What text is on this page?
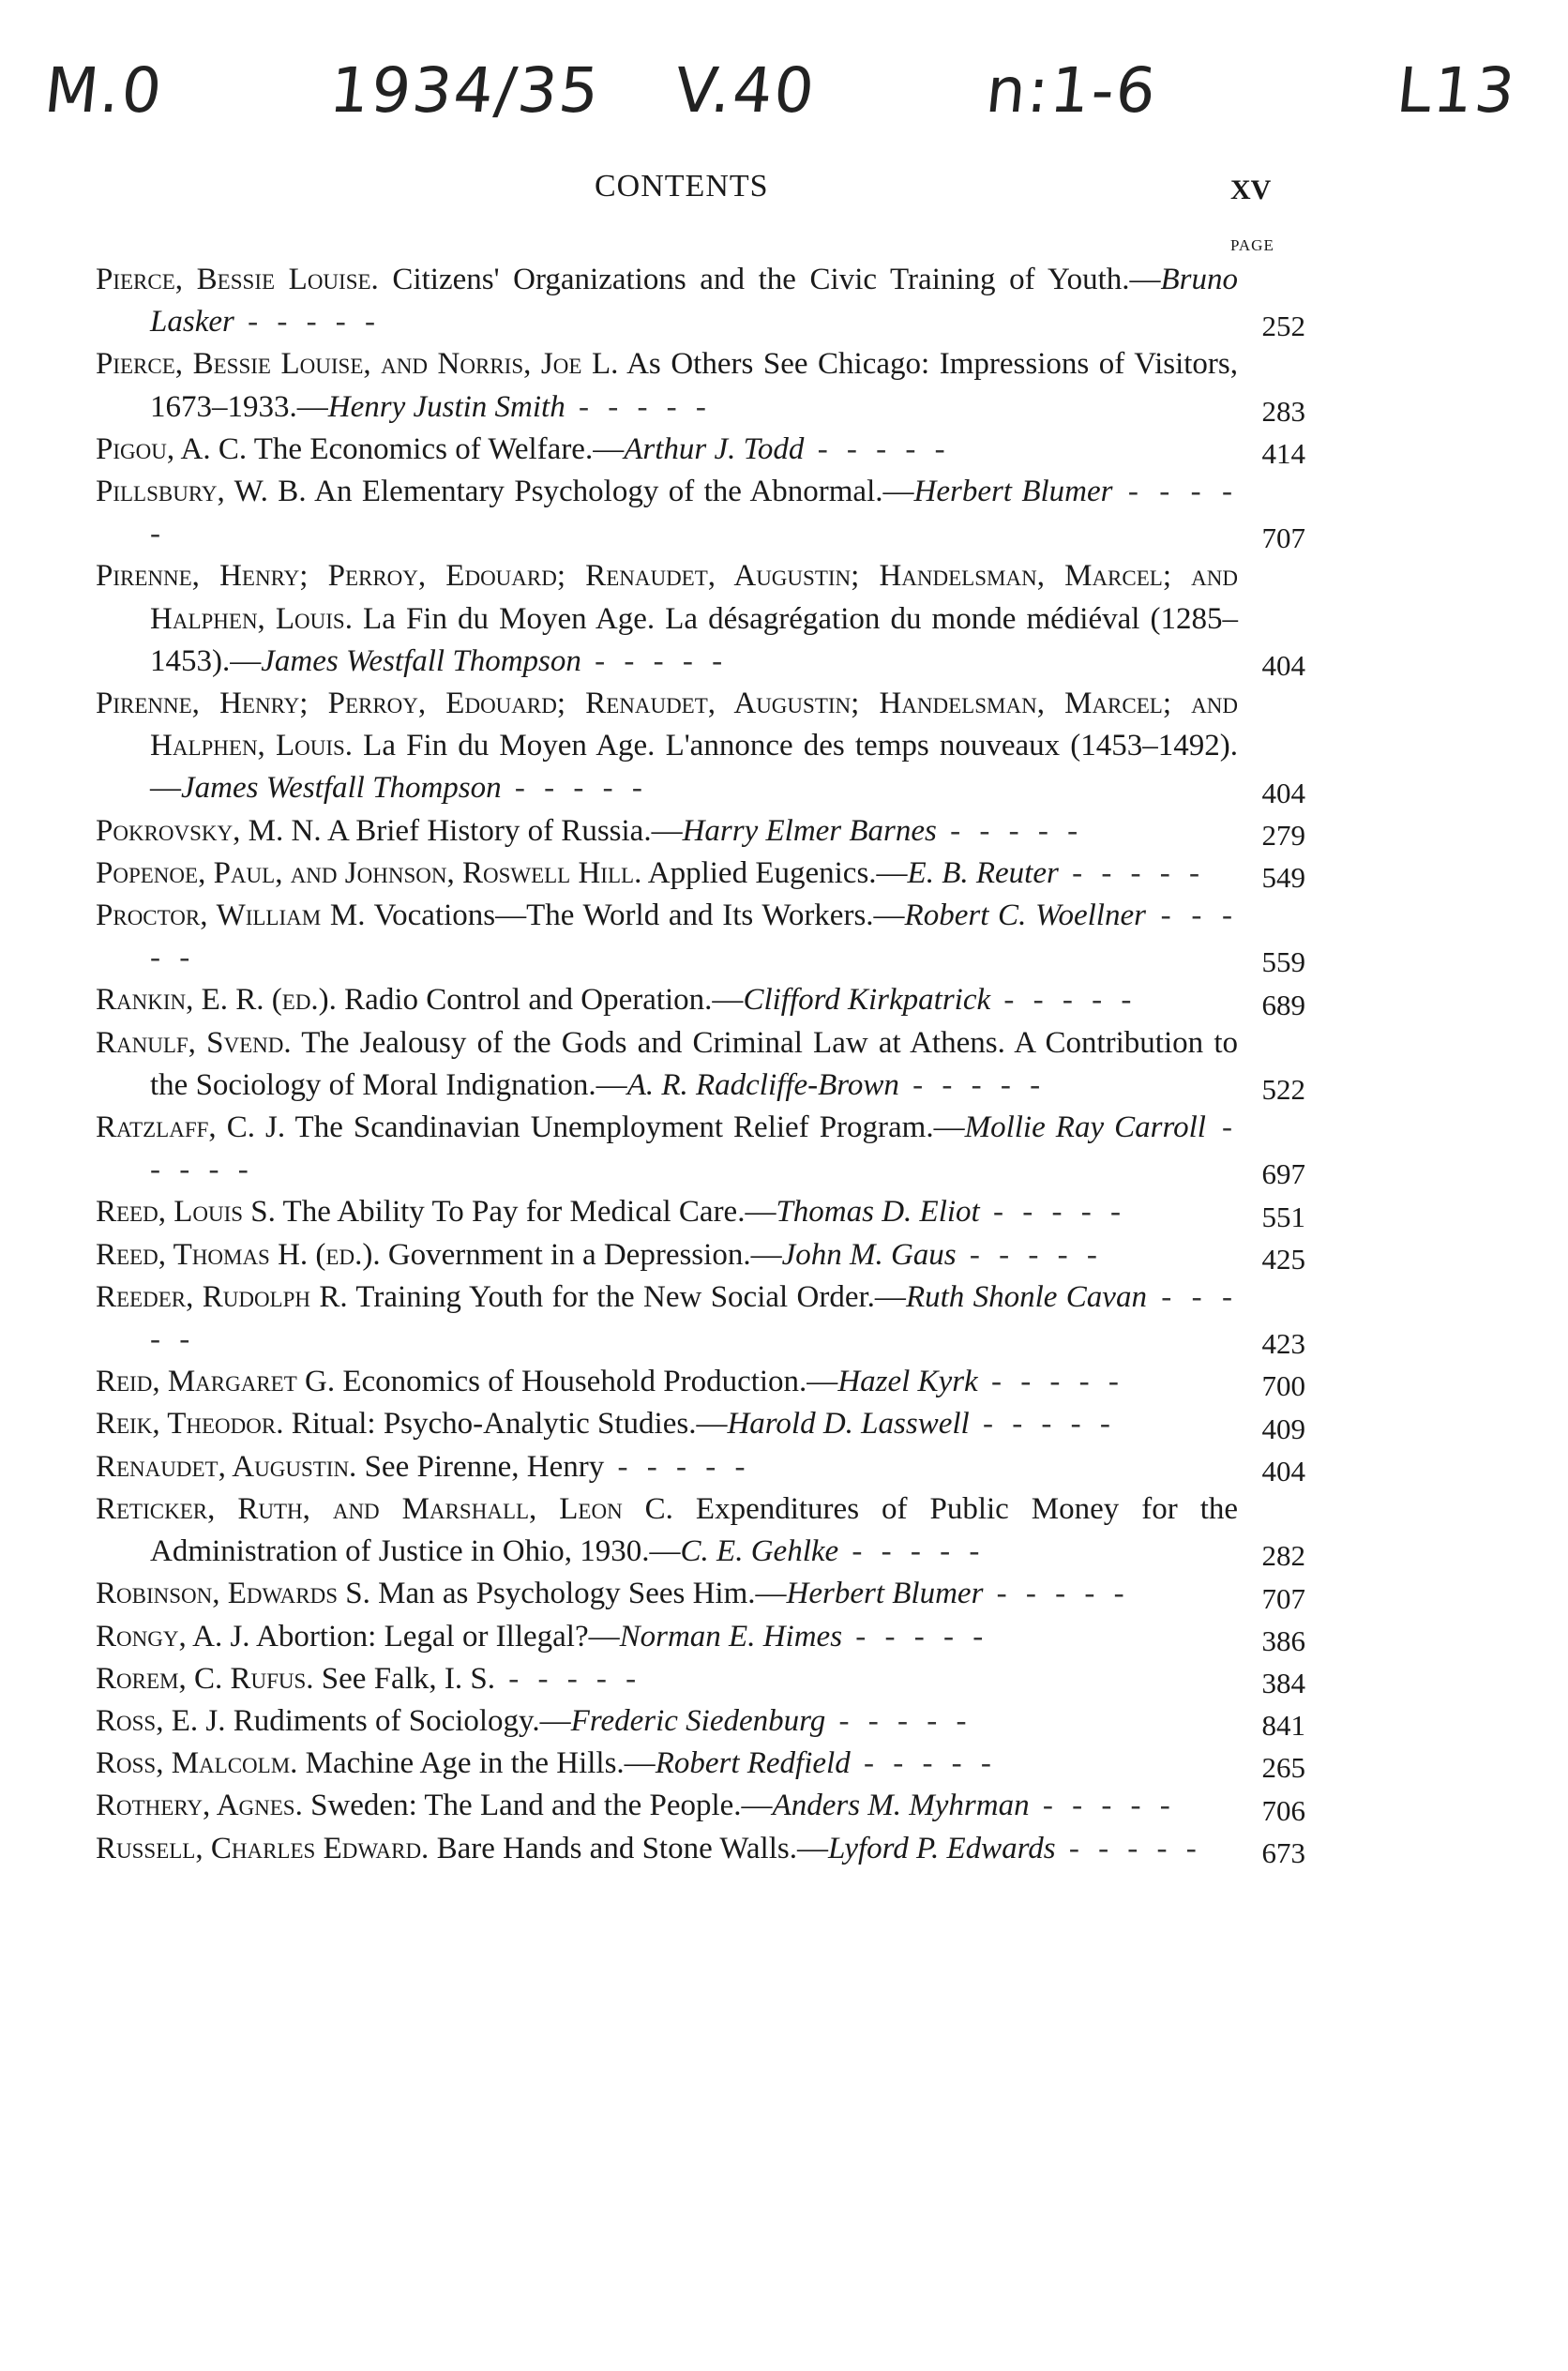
M.0	1934/35 V.40	n:1-6	L13
CONTENTS	XV
PAGE
Pierce, Bessie Louise. Citizens' Organizations and the Civic Training of Youth.—Bruno Lasker - - - - -	252
Pierce, Bessie Louise, and Norris, Joe L. As Others See Chicago: Impressions of Visitors, 1673–1933.—Henry Justin Smith - - - - -	283
Pigou, A. C. The Economics of Welfare.—Arthur J. Todd - - - - -	414
Pillsbury, W. B. An Elementary Psychology of the Abnormal.—Herbert Blumer - - - - -	707
Pirenne, Henry; Perroy, Edouard; Renaudet, Augustin; Handelsman, Marcel; and Halphen, Louis. La Fin du Moyen Age. La désagrégation du monde médiéval (1285–1453).—James Westfall Thompson - - - - -	404
Pirenne, Henry; Perroy, Edouard; Renaudet, Augustin; Handelsman, Marcel; and Halphen, Louis. La Fin du Moyen Age. L'annonce des temps nouveaux (1453–1492).—James Westfall Thompson - - - - -	404
Pokrovsky, M. N. A Brief History of Russia.—Harry Elmer Barnes - - - - -	279
Popenoe, Paul, and Johnson, Roswell Hill. Applied Eugenics.—E. B. Reuter - - - - -	549
Proctor, William M. Vocations—The World and Its Workers.—Robert C. Woellner - - - - -	559
Rankin, E. R. (ed.). Radio Control and Operation.—Clifford Kirkpatrick - - - - -	689
Ranulf, Svend. The Jealousy of the Gods and Criminal Law at Athens. A Contribution to the Sociology of Moral Indignation.—A. R. Radcliffe-Brown - - - - -	522
Ratzlaff, C. J. The Scandinavian Unemployment Relief Program.—Mollie Ray Carroll - - - - -	697
Reed, Louis S. The Ability To Pay for Medical Care.—Thomas D. Eliot - - - - -	551
Reed, Thomas H. (ed.). Government in a Depression.—John M. Gaus - - - - -	425
Reeder, Rudolph R. Training Youth for the New Social Order.—Ruth Shonle Cavan - - - - -	423
Reid, Margaret G. Economics of Household Production.—Hazel Kyrk - - - - -	700
Reik, Theodor. Ritual: Psycho-Analytic Studies.—Harold D. Lasswell - - - - -	409
Renaudet, Augustin. See Pirenne, Henry - - - - -	404
Reticker, Ruth, and Marshall, Leon C. Expenditures of Public Money for the Administration of Justice in Ohio, 1930.—C. E. Gehlke - - - - -	282
Robinson, Edwards S. Man as Psychology Sees Him.—Herbert Blumer - - - - -	707
Rongy, A. J. Abortion: Legal or Illegal?—Norman E. Himes - - - - -	386
Rorem, C. Rufus. See Falk, I. S. - - - - -	384
Ross, E. J. Rudiments of Sociology.—Frederic Siedenburg - - - - -	841
Ross, Malcolm. Machine Age in the Hills.—Robert Redfield - - - - -	265
Rothery, Agnes. Sweden: The Land and the People.—Anders M. Myhrman - - - - -	706
Russell, Charles Edward. Bare Hands and Stone Walls.—Lyford P. Edwards - - - - -	673
